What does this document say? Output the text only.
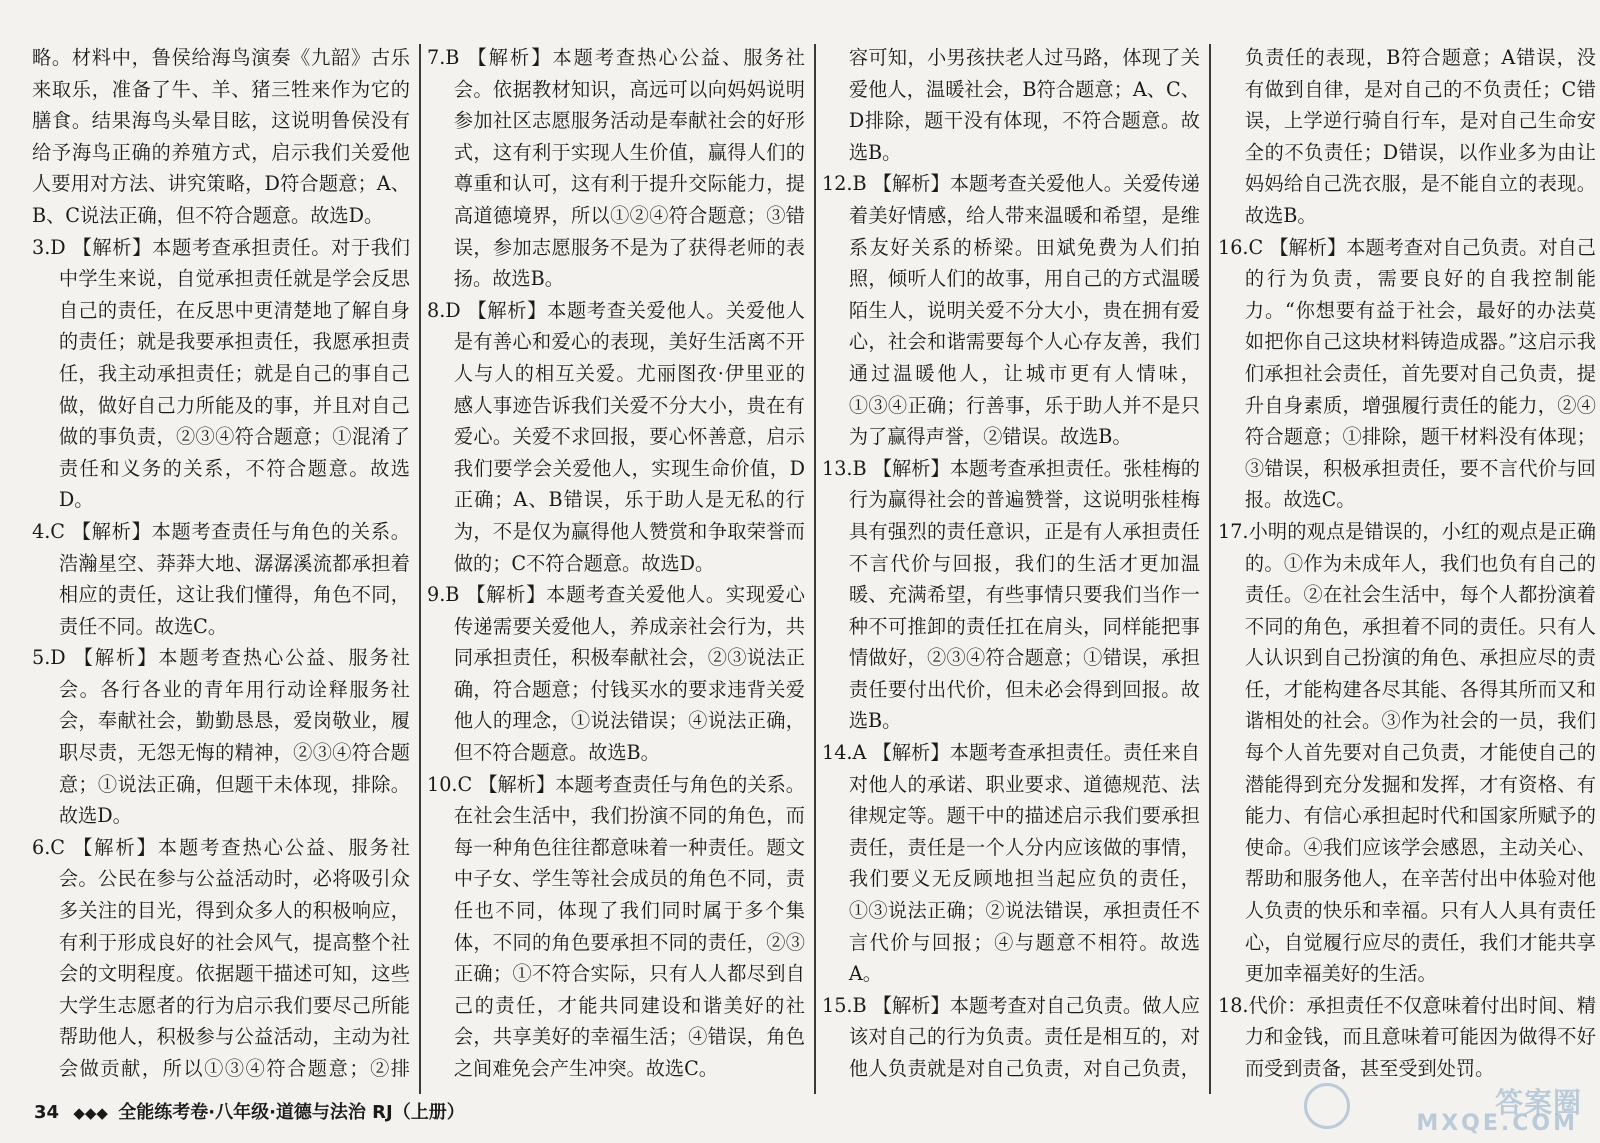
略。材料中，鲁侯给海鸟演奏《九韶》古乐来取乐，准备了牛、羊、猪三牲来作为它的膳食。结果海鸟头晕目眩，这说明鲁侯没有给予海鸟正确的养殖方式，启示我们关爱他人要用对方法、讲究策略，D符合题意；A、B、C说法正确，但不符合题意。故选D。

3.D 【解析】本题考查承担责任。对于我们中学生来说，自觉承担责任就是学会反思自己的责任，在反思中更清楚地了解自身的责任；就是我要承担责任，我愿承担责任，我主动承担责任；就是自己的事自己做，做好自己力所能及的事，并且对自己做的事负责，②③④符合题意；①混淆了责任和义务的关系，不符合题意。故选D。

4.C 【解析】本题考查责任与角色的关系。浩瀚星空、莽莽大地、潺潺溪流都承担着相应的责任，这让我们懂得，角色不同，责任不同。故选C。

5.D 【解析】本题考查热心公益、服务社会。各行各业的青年用行动诠释服务社会，奉献社会，勤勤恳恳，爱岗敬业，履职尽责，无怨无悔的精神，②③④符合题意；①说法正确，但题干未体现，排除。故选D。

6.C 【解析】本题考查热心公益、服务社会。公民在参与公益活动时，必将吸引众多关注的目光，得到众多人的积极响应，有利于形成良好的社会风气，提高整个社会的文明程度。依据题干描述可知，这些大学生志愿者的行为启示我们要尽己所能帮助他人，积极参与公益活动，主动为社会做贡献，所以①③④符合题意；②排

7.B 【解析】本题考查热心公益、服务社会。依据教材知识，高远可以向妈妈说明参加社区志愿服务活动是奉献社会的好形式，这有利于实现人生价值，赢得人们的尊重和认可，这有利于提升交际能力，提高道德境界，所以①②④符合题意；③错误，参加志愿服务不是为了获得老师的表扬。故选B。

8.D 【解析】本题考查关爱他人。关爱他人是有善心和爱心的表现，美好生活离不开人与人的相互关爱。尤丽图孜·伊里亚的感人事迹告诉我们关爱不分大小，贵在有爱心。关爱不求回报，要心怀善意，启示我们要学会关爱他人，实现生命价值，D正确；A、B错误，乐于助人是无私的行为，不是仅为赢得他人赞赏和争取荣誉而做的；C不符合题意。故选D。

9.B 【解析】本题考查关爱他人。实现爱心传递需要关爱他人，养成亲社会行为，共同承担责任，积极奉献社会，②③说法正确，符合题意；付钱买水的要求违背关爱他人的理念，①说法错误；④说法正确，但不符合题意。故选B。

10.C 【解析】本题考查责任与角色的关系。在社会生活中，我们扮演不同的角色，而每一种角色往往都意味着一种责任。题文中子女、学生等社会成员的角色不同，责任也不同，体现了我们同时属于多个集体，不同的角色要承担不同的责任，②③正确；①不符合实际，只有人人都尽到自己的责任，才能共同建设和谐美好的社会，共享美好的幸福生活；④错误，角色之间难免会产生冲突。故选C。

容可知，小男孩扶老人过马路，体现了关爱他人，温暖社会，B符合题意；A、C、D排除，题干没有体现，不符合题意。故选B。

12.B 【解析】本题考查关爱他人。关爱传递着美好情感，给人带来温暖和希望，是维系友好关系的桥梁。田斌免费为人们拍照，倾听人们的故事，用自己的方式温暖陌生人，说明关爱不分大小，贵在拥有爱心，社会和谐需要每个人心存友善，我们通过温暖他人，让城市更有人情味，①③④正确；行善事，乐于助人并不是只为了赢得声誉，②错误。故选B。

13.B 【解析】本题考查承担责任。张桂梅的行为赢得社会的普遍赞誉，这说明张桂梅具有强烈的责任意识，正是有人承担责任不言代价与回报，我们的生活才更加温暖、充满希望，有些事情只要我们当作一种不可推卸的责任扛在肩头，同样能把事情做好，②③④符合题意；①错误，承担责任要付出代价，但未必会得到回报。故选B。

14.A 【解析】本题考查承担责任。责任来自对他人的承诺、职业要求、道德规范、法律规定等。题干中的描述启示我们要承担责任，责任是一个人分内应该做的事情，我们要义无反顾地担当起应负的责任，①③说法正确；②说法错误，承担责任不言代价与回报；④与题意不相符。故选A。

15.B 【解析】本题考查对自己负责。做人应该对自己的行为负责。责任是相互的，对他人负责就是对自己负责，对自己负责，

负责任的表现，B符合题意；A错误，没有做到自律，是对自己的不负责任；C错误，上学逆行骑自行车，是对自己生命安全的不负责任；D错误，以作业多为由让妈妈给自己洗衣服，是不能自立的表现。故选B。

16.C 【解析】本题考查对自己负责。对自己的行为负责，需要良好的自我控制能力。“你想要有益于社会，最好的办法莫如把你自己这块材料铸造成器。”这启示我们承担社会责任，首先要对自己负责，提升自身素质，增强履行责任的能力，②④符合题意；①排除，题干材料没有体现；③错误，积极承担责任，要不言代价与回报。故选C。

17.小明的观点是错误的，小红的观点是正确的。①作为未成年人，我们也负有自己的责任。②在社会生活中，每个人都扮演着不同的角色，承担着不同的责任。只有人人认识到自己扮演的角色、承担应尽的责任，才能构建各尽其能、各得其所而又和谐相处的社会。③作为社会的一员，我们每个人首先要对自己负责，才能使自己的潜能得到充分发掘和发挥，才有资格、有能力、有信心承担起时代和国家所赋予的使命。④我们应该学会感恩，主动关心、帮助和服务他人，在辛苦付出中体验对他人负责的快乐和幸福。只有人人具有责任心，自觉履行应尽的责任，我们才能共享更加幸福美好的生活。

18.代价：承担责任不仅意味着付出时间、精力和金钱，而且意味着可能因为做得不好而受到责备，甚至受到处罚。

34 ◆◆◆ 全能练考卷·八年级·道德与法治 RJ（上册）	答案圈
MXQE.COM
